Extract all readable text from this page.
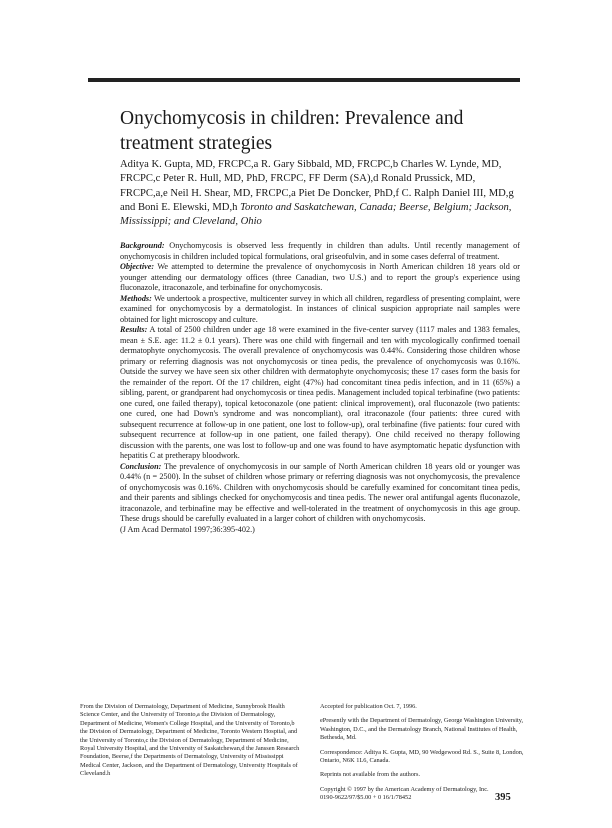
Onychomycosis in children: Prevalence and treatment strategies
Aditya K. Gupta, MD, FRCPC,a R. Gary Sibbald, MD, FRCPC,b Charles W. Lynde, MD, FRCPC,c Peter R. Hull, MD, PhD, FRCPC, FF Derm (SA),d Ronald Prussick, MD, FRCPC,a,e Neil H. Shear, MD, FRCPC,a Piet De Doncker, PhD,f C. Ralph Daniel III, MD,g and Boni E. Elewski, MD,h Toronto and Saskatchewan, Canada; Beerse, Belgium; Jackson, Mississippi; and Cleveland, Ohio

Background: Onychomycosis is observed less frequently in children than adults. Until recently management of onychomycosis in children included topical formulations, oral griseofulvin, and in some cases deferral of treatment.

Objective: We attempted to determine the prevalence of onychomycosis in North American children 18 years old or younger attending our dermatology offices (three Canadian, two U.S.) and to report the group's experience using fluconazole, itraconazole, and terbinafine for onychomycosis.

Methods: We undertook a prospective, multicenter survey in which all children, regardless of presenting complaint, were examined for onychomycosis by a dermatologist. In instances of clinical suspicion appropriate nail samples were obtained for light microscopy and culture.

Results: A total of 2500 children under age 18 were examined in the five-center survey (1117 males and 1383 females, mean ± S.E. age: 11.2 ± 0.1 years). There was one child with fingernail and ten with mycologically confirmed toenail dermatophyte onychomycosis. The overall prevalence of onychomycosis was 0.44%. Considering those children whose primary or referring diagnosis was not onychomycosis or tinea pedis, the prevalence of onychomycosis was 0.16%. Outside the survey we have seen six other children with dermatophyte onychomycosis; these 17 cases form the basis for the remainder of the report. Of the 17 children, eight (47%) had concomitant tinea pedis infection, and in 11 (65%) a sibling, parent, or grandparent had onychomycosis or tinea pedis. Management included topical terbinafine (two patients: one cured, one failed therapy), topical ketoconazole (one patient: clinical improvement), oral fluconazole (two patients: one cured, one had Down's syndrome and was noncompliant), oral itraconazole (four patients: three cured with subsequent recurrence at follow-up in one patient, one lost to follow-up), oral terbinafine (five patients: four cured with subsequent recurrence at follow-up in one patient, one failed therapy). One child received no therapy following discussion with the parents, one was lost to follow-up and one was found to have asymptomatic hepatic dysfunction with hepatitis C at pretherapy bloodwork.

Conclusion: The prevalence of onychomycosis in our sample of North American children 18 years old or younger was 0.44% (n = 2500). In the subset of children whose primary or referring diagnosis was not onychomycosis, the prevalence of onychomycosis was 0.16%. Children with onychomycosis should be carefully examined for concomitant tinea pedis, and their parents and siblings checked for onychomycosis and tinea pedis. The newer oral antifungal agents fluconazole, itraconazole, and terbinafine may be effective and well-tolerated in the treatment of onychomycosis in this age group. These drugs should be carefully evaluated in a larger cohort of children with onychomycosis.

(J Am Acad Dermatol 1997;36:395-402.)

From the Division of Dermatology, Department of Medicine, Sunnybrook Health Science Center, and the University of Toronto,a the Division of Dermatology, Department of Medicine, Women's College Hospital, and the University of Toronto,b the Division of Dermatology, Department of Medicine, Toronto Western Hospital, and the University of Toronto,c the Division of Dermatology, Department of Medicine, Royal University Hospital, and the University of Saskatchewan,d the Janssen Research Foundation, Beerse,f the Departments of Dermatology, University of Mississippi Medical Center, Jackson, and the Department of Dermatology, University Hospitals of Cleveland.h

Accepted for publication Oct. 7, 1996.

ePresently with the Department of Dermatology, George Washington University, Washington, D.C., and the Dermatology Branch, National Institutes of Health, Bethesda, Md.

Correspondence: Aditya K. Gupta, MD, 90 Wedgewood Rd. S., Suite 8, London, Ontario, N6K 1L6, Canada.

Reprints not available from the authors.

Copyright © 1997 by the American Academy of Dermatology, Inc.
0190-9622/97/$5.00 + 0 16/1/78452	395
